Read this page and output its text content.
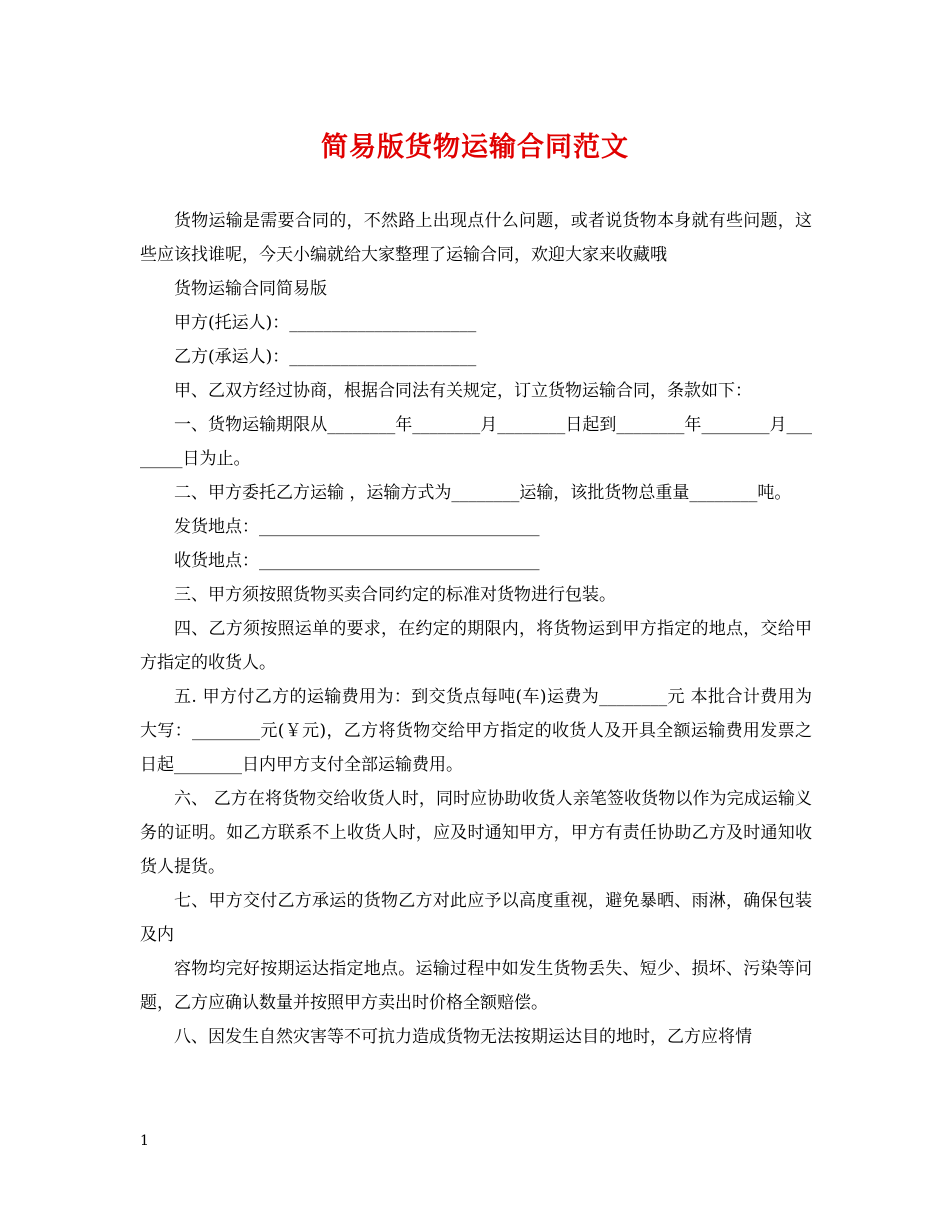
简易版货物运输合同范文

货物运输是需要合同的，不然路上出现点什么问题，或者说货物本身就有些问题，这些应该找谁呢，今天小编就给大家整理了运输合同，欢迎大家来收藏哦

货物运输合同简易版

甲方(托运人)：______________________

乙方(承运人)：______________________

甲、乙双方经过协商，根据合同法有关规定，订立货物运输合同，条款如下：

一、货物运输期限从________年________月________日起到________年________月________日为止。

二、甲方委托乙方运输 ，运输方式为________运输，该批货物总重量________吨。

发货地点：_________________________________

收货地点：_________________________________

三、甲方须按照货物买卖合同约定的标准对货物进行包装。

四、乙方须按照运单的要求，在约定的期限内，将货物运到甲方指定的地点，交给甲方指定的收货人。

五. 甲方付乙方的运输费用为：到交货点每吨(车)运费为________元 本批合计费用为大写：________元(￥元)，乙方将货物交给甲方指定的收货人及开具全额运输费用发票之日起________日内甲方支付全部运输费用。

六、 乙方在将货物交给收货人时，同时应协助收货人亲笔签收货物以作为完成运输义务的证明。如乙方联系不上收货人时，应及时通知甲方，甲方有责任协助乙方及时通知收货人提货。

七、甲方交付乙方承运的货物乙方对此应予以高度重视，避免暴晒、雨淋，确保包装及内

容物均完好按期运达指定地点。运输过程中如发生货物丢失、短少、损坏、污染等问题，乙方应确认数量并按照甲方卖出时价格全额赔偿。

八、因发生自然灾害等不可抗力造成货物无法按期运达目的地时，乙方应将情

1
